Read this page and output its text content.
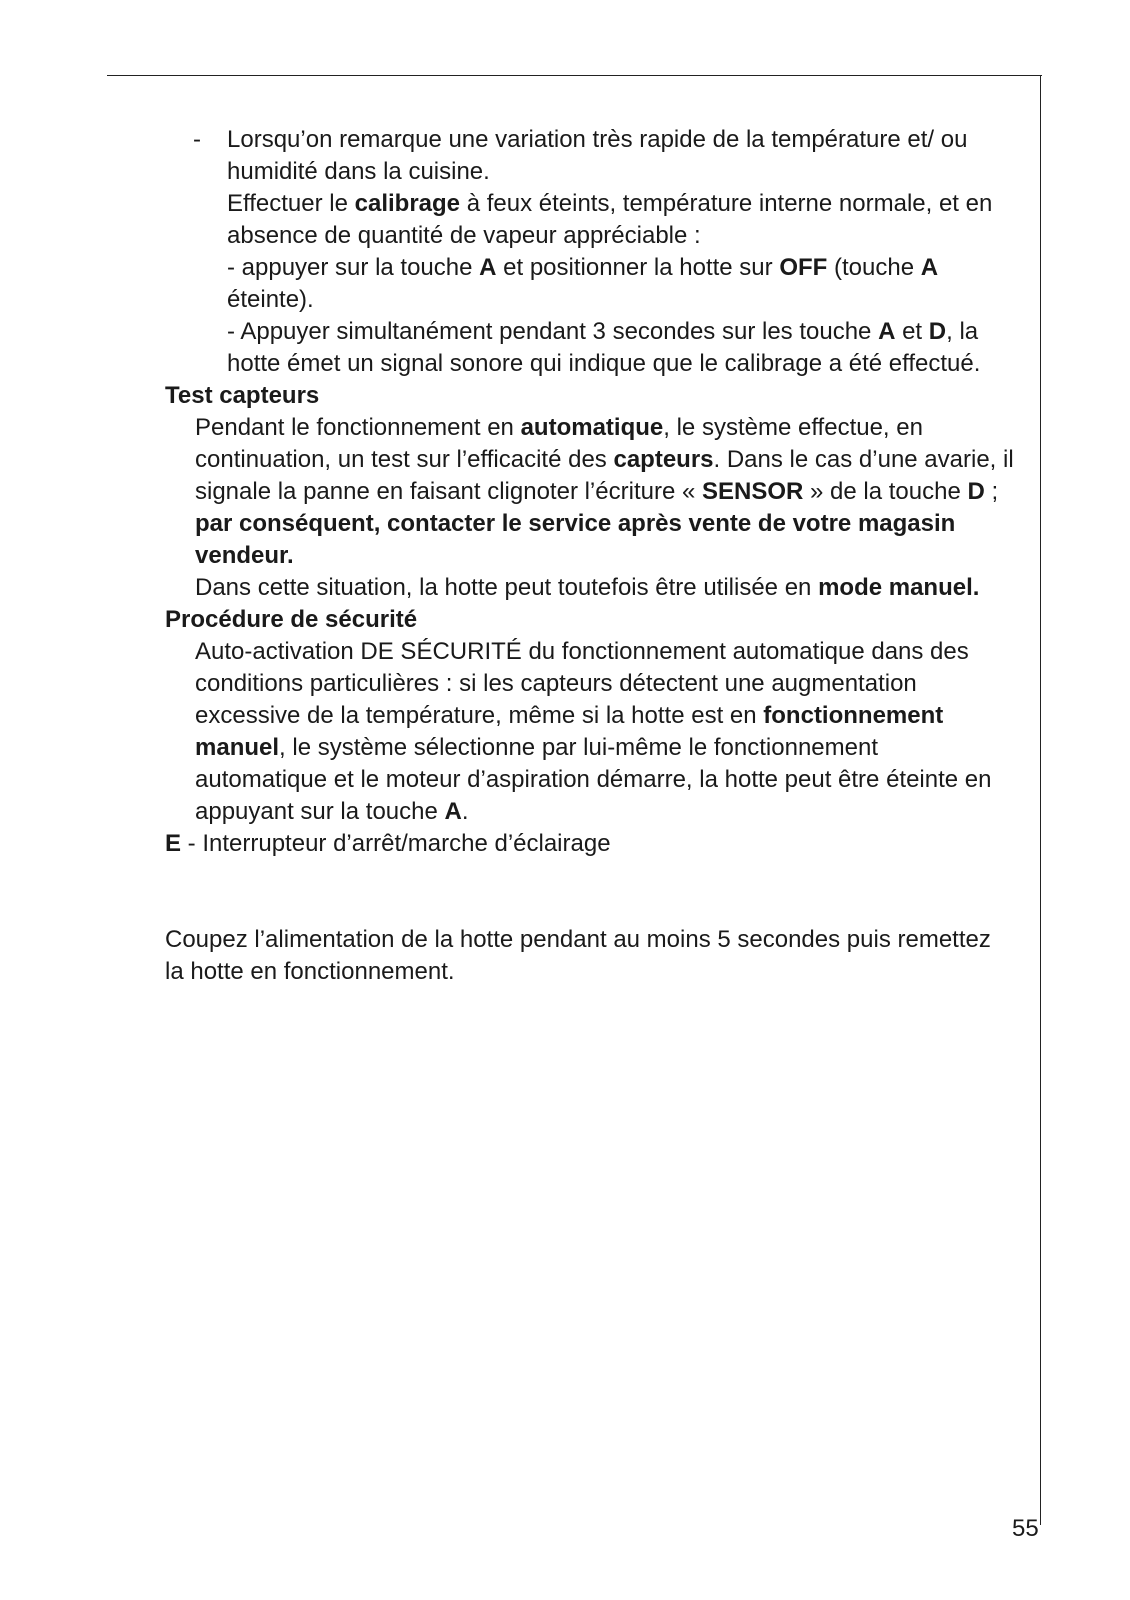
- Lorsqu’on remarque une variation très rapide de la température et/ ou humidité dans la cuisine.

Effectuer le calibrage à feux éteints, température interne normale, et en absence de quantité de vapeur appréciable :

- appuyer sur la touche A et positionner la hotte sur OFF (touche A éteinte).

- Appuyer simultanément pendant 3 secondes sur les touche A et D, la hotte émet un signal sonore qui indique que le calibrage a été effectué.

Test capteurs

Pendant le fonctionnement en automatique, le système effectue, en continuation, un test sur l’efficacité des capteurs. Dans le cas d’une avarie, il signale la panne en faisant clignoter l’écriture « SENSOR » de la touche D ; par conséquent, contacter le service après vente de votre magasin vendeur.

Dans cette situation, la hotte peut toutefois être utilisée en mode manuel.

Procédure de sécurité

Auto-activation DE SÉCURITÉ du fonctionnement automatique dans des conditions particulières : si les capteurs détectent une augmentation excessive de la température, même si la hotte est en fonctionnement manuel, le système sélectionne par lui-même le fonctionnement automatique et le moteur d’aspiration démarre, la hotte peut être éteinte en appuyant sur la touche A.

E - Interrupteur d’arrêt/marche d’éclairage

Coupez l’alimentation de la hotte pendant au moins 5 secondes puis remettez la hotte en fonctionnement.

55
